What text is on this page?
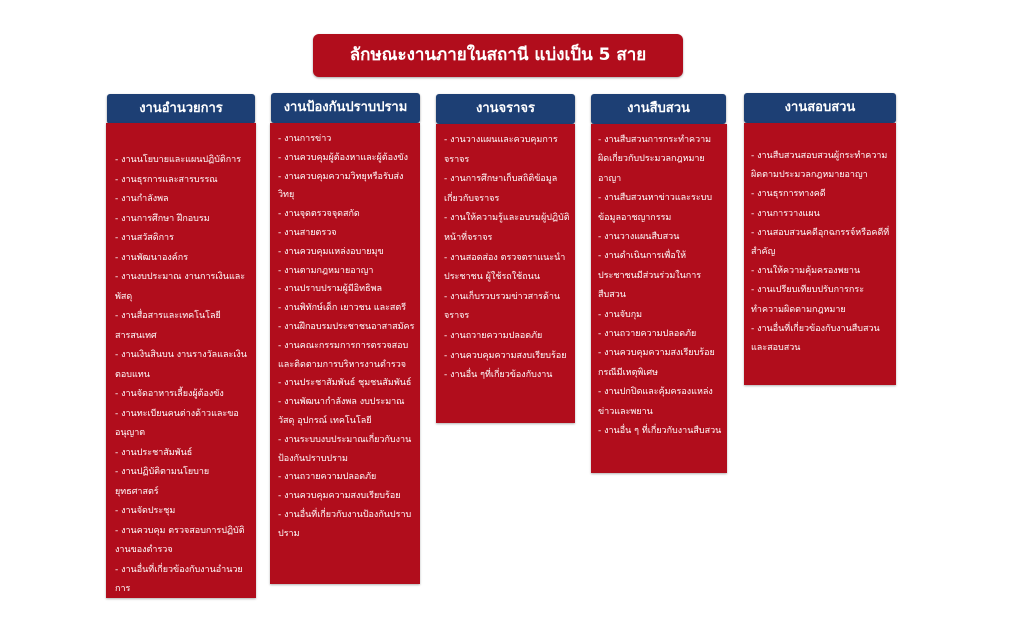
ลักษณะงานภายในสถานี แบ่งเป็น 5 สาย
งานอำนวยการ
- งานนโยบายและแผนปฏิบัติการ
- งานธุรการและสารบรรณ
- งานกำลังพล
- งานการศึกษา ฝึกอบรม
- งานสวัสดิการ
- งานพัฒนาองค์กร
- งานงบประมาณ งานการเงินและพัสดุ
- งานสื่อสารและเทคโนโลยีสารสนเทศ
- งานเงินสินบน งานรางวัลและเงินตอบแทน
- งานจัดอาหารเลี้ยงผู้ต้องขัง
- งานทะเบียนคนต่างด้าวและขออนุญาต
- งานประชาสัมพันธ์
- งานปฏิบัติตามนโยบายยุทธศาสตร์
- งานจัดประชุม
- งานควบคุม ตรวจสอบการปฏิบัติงานของตำรวจ
- งานอื่นที่เกี่ยวข้องกับงานอำนวยการ
งานป้องกันปราบปราม
- งานการข่าว
- งานควบคุมผู้ต้องหาและผู้ต้องขัง
- งานควบคุมความวิทยุหรือรับส่งวิทยุ
- งานจุดตรวจจุดสกัด
- งานสายตรวจ
- งานควบคุมแหล่งอบายมุข
- งานตามกฎหมายอาญา
- งานปราบปรามผู้มีอิทธิพล
- งานพิทักษ์เด็ก เยาวชน และสตรี
- งานฝึกอบรมประชาชนอาสาสมัคร
- งานคณะกรรมการการตรวจสอบและติดตามการบริหารงานตำรวจ
- งานประชาสัมพันธ์ ชุมชนสัมพันธ์
- งานพัฒนากำลังพล งบประมาณ วัสดุ อุปกรณ์ เทคโนโลยี
- งานระบบงบประมาณเกี่ยวกับงานป้องกันปราบปราม
- งานถวายความปลอดภัย
- งานควบคุมความสงบเรียบร้อย
- งานอื่นที่เกี่ยวกับงานป้องกันปราบปราม
งานจราจร
- งานวางแผนและควบคุมการจราจร
- งานการศึกษาเก็บสถิติข้อมูลเกี่ยวกับจราจร
- งานให้ความรู้และอบรมผู้ปฏิบัติหน้าที่จราจร
- งานสอดส่อง ตรวจตราแนะนำประชาชน ผู้ใช้รถใช้ถนน
- งานเก็บรวบรวมข่าวสารด้านจราจร
- งานถวายความปลอดภัย
- งานควบคุมความสงบเรียบร้อย
- งานอื่น ๆที่เกี่ยวข้องกับงาน
งานสืบสวน
- งานสืบสวนการกระทำความผิดเกี่ยวกับประมวลกฎหมายอาญา
- งานสืบสวนหาข่าวและระบบข้อมูลอาชญากรรม
- งานวางแผนสืบสวน
- งานดำเนินการเพื่อให้ประชาชนมีส่วนร่วมในการสืบสวน
- งานจับกุม
- งานถวายความปลอดภัย
- งานควบคุมความสงเรียบร้อยกรณีมีเหตุพิเศษ
- งานปกปิดและคุ้มครองแหล่งข่าวและพยาน
- งานอื่น ๆ ที่เกี่ยวกับงานสืบสวน
งานสอบสวน
- งานสืบสวนสอบสวนผู้กระทำความผิดตามประมวลกฎหมายอาญา
- งานธุรการทางคดี
- งานการวางแผน
- งานสอบสวนคดีอุกฉกรรจ์หรือคดีที่สำคัญ
- งานให้ความคุ้มครองพยาน
- งานเปรียบเทียบปรับการกระทำความผิดตามกฎหมาย
- งานอื่นที่เกี่ยวข้องกับงานสืบสวนและสอบสวน
